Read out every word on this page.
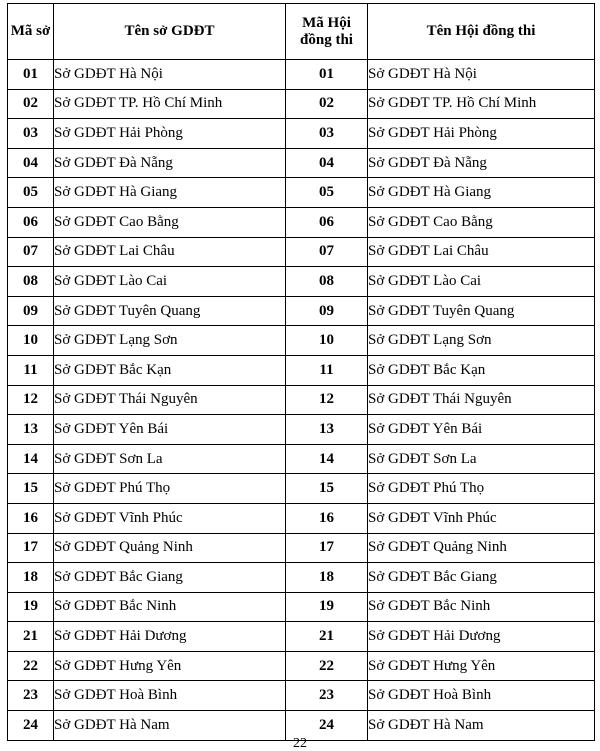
Mã sở	Tên sở GDĐT	Mã Hội đồng thi	Tên Hội đồng thi
01	Sở GDĐT Hà Nội	01	Sở GDĐT Hà Nội
02	Sở GDĐT TP. Hồ Chí Minh	02	Sở GDĐT TP. Hồ Chí Minh
03	Sở GDĐT Hải Phòng	03	Sở GDĐT Hải Phòng
04	Sở GDĐT Đà Nẵng	04	Sở GDĐT Đà Nẵng
05	Sở GDĐT Hà Giang	05	Sở GDĐT Hà Giang
06	Sở GDĐT Cao Bằng	06	Sở GDĐT Cao Bằng
07	Sở GDĐT Lai Châu	07	Sở GDĐT Lai Châu
08	Sở GDĐT Lào Cai	08	Sở GDĐT Lào Cai
09	Sở GDĐT Tuyên Quang	09	Sở GDĐT Tuyên Quang
10	Sở GDĐT Lạng Sơn	10	Sở GDĐT Lạng Sơn
11	Sở GDĐT Bắc Kạn	11	Sở GDĐT Bắc Kạn
12	Sở GDĐT Thái Nguyên	12	Sở GDĐT Thái Nguyên
13	Sở GDĐT Yên Bái	13	Sở GDĐT Yên Bái
14	Sở GDĐT Sơn La	14	Sở GDĐT Sơn La
15	Sở GDĐT Phú Thọ	15	Sở GDĐT Phú Thọ
16	Sở GDĐT Vĩnh Phúc	16	Sở GDĐT Vĩnh Phúc
17	Sở GDĐT Quảng Ninh	17	Sở GDĐT Quảng Ninh
18	Sở GDĐT Bắc Giang	18	Sở GDĐT Bắc Giang
19	Sở GDĐT Bắc Ninh	19	Sở GDĐT Bắc Ninh
21	Sở GDĐT Hải Dương	21	Sở GDĐT Hải Dương
22	Sở GDĐT Hưng Yên	22	Sở GDĐT Hưng Yên
23	Sở GDĐT Hoà Bình	23	Sở GDĐT Hoà Bình
24	Sở GDĐT Hà Nam	24	Sở GDĐT Hà Nam
22
